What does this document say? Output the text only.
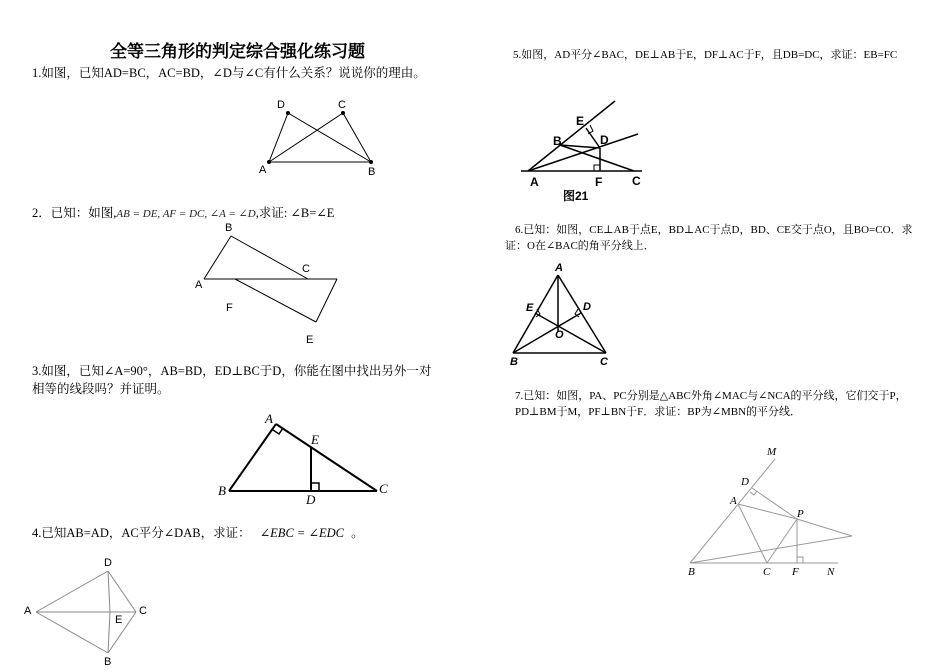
全等三角形的判定综合强化练习题
1.如图，已知AD=BC，AC=BD，∠D与∠C有什么关系？说说你的理由。
D	C
A	B
2．已知：如图,AB = DE, AF = DC, ∠A = ∠D,求证: ∠B=∠E
B
C
A
F
E
3.如图，已知∠A=90°，AB=BD，ED⊥BC于D，你能在图中找出另外一对相等的线段吗？并证明。
A
E
B
D
C
4.已知AB=AD，AC平分∠DAB，求证： ∠EBC = ∠EDC 。
D
A	C
E
B
5.如图，AD平分∠BAC，DE⊥AB于E，DF⊥AC于F，且DB=DC，求证：EB=FC
E
B	D
A	F C
图21
6.已知：如图，CE⊥AB于点E，BD⊥AC于点D，BD、CE交于点O，且BO=CO．求证：O在∠BAC的角平分线上．
A
E	D
O
B	C
7.已知：如图，PA、PC分别是△ABC外角∠MAC与∠NCA的平分线，它们交于P，PD⊥BM于M，PF⊥BN于F．求证：BP为∠MBN的平分线．
M
D
A
P
B	C F	N
